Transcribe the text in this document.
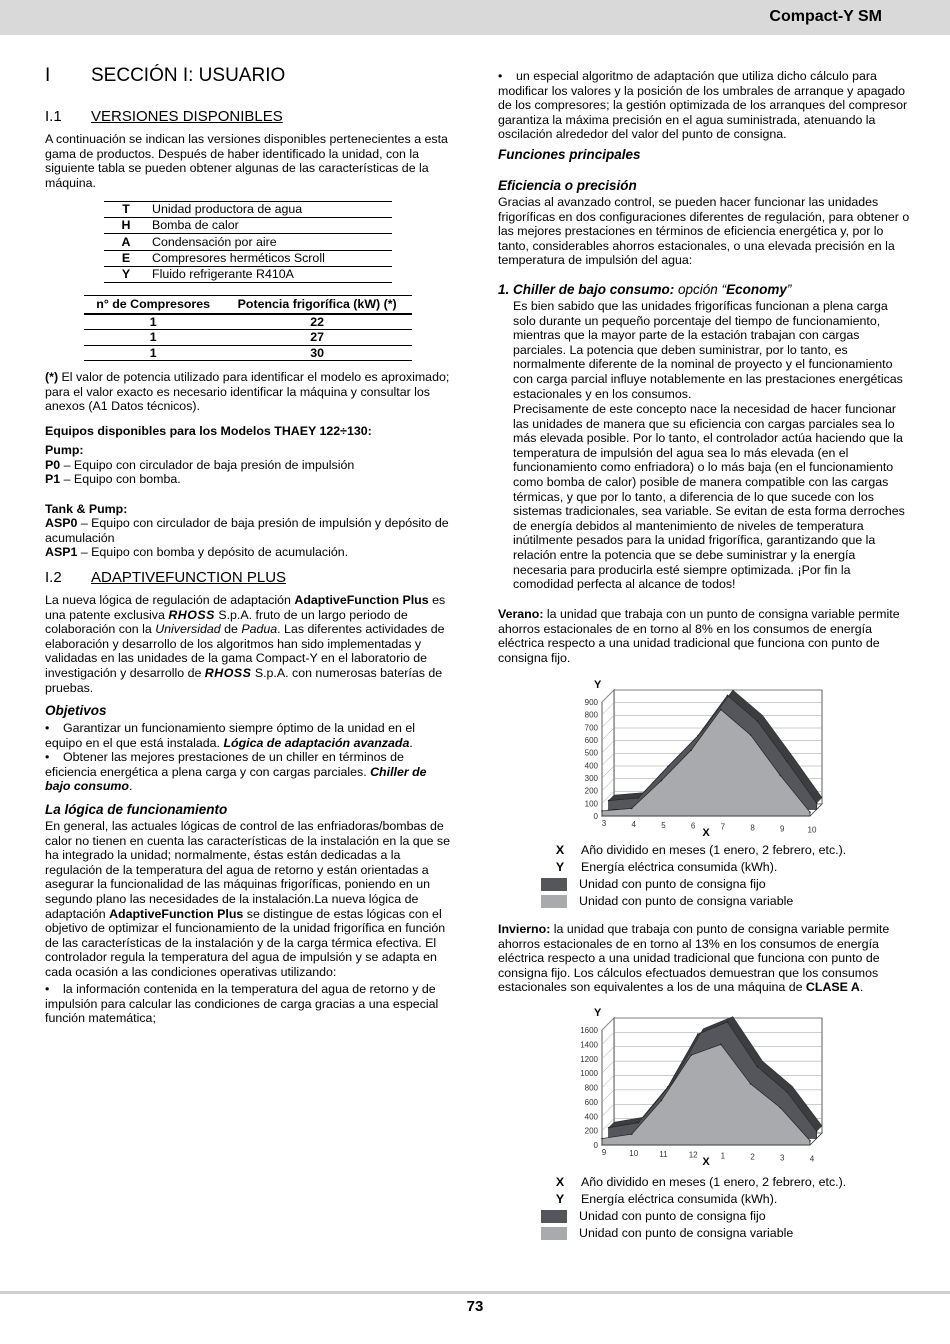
Compact-Y SM
I SECCIÓN I: USUARIO
I.1 VERSIONES DISPONIBLES

A continuación se indican las versiones disponibles pertenecientes a esta gama de productos. Después de haber identificado la unidad, con la siguiente tabla se pueden obtener algunas de las características de la máquina.

T	Unidad productora de agua
H	Bomba de calor
A	Condensación por aire
E	Compresores herméticos Scroll
Y	Fluido refrigerante R410A
n° de Compresores	Potencia frigorífica (kW) (*)
1	22
1	27
1	30

(*) El valor de potencia utilizado para identificar el modelo es aproximado; para el valor exacto es necesario identificar la máquina y consultar los anexos (A1 Datos técnicos).

Equipos disponibles para los Modelos THAEY 122÷130:

Pump:

P0 – Equipo con circulador de baja presión de impulsión

P1 – Equipo con bomba.

Tank & Pump:

ASP0 – Equipo con circulador de baja presión de impulsión y depósito de acumulación

ASP1 – Equipo con bomba y depósito de acumulación.

I.2 ADAPTIVEFUNCTION PLUS

La nueva lógica de regulación de adaptación AdaptiveFunction Plus es una patente exclusiva RHOSS S.p.A. fruto de un largo periodo de colaboración con la Universidad de Padua. Las diferentes actividades de elaboración y desarrollo de los algoritmos han sido implementadas y validadas en las unidades de la gama Compact-Y en el laboratorio de investigación y desarrollo de RHOSS S.p.A. con numerosas baterías de pruebas.

Objetivos

• Garantizar un funcionamiento siempre óptimo de la unidad en el equipo en el que está instalada. Lógica de adaptación avanzada.

• Obtener las mejores prestaciones de un chiller en términos de eficiencia energética a plena carga y con cargas parciales. Chiller de bajo consumo.

La lógica de funcionamiento

En general, las actuales lógicas de control de las enfriadoras/bombas de calor no tienen en cuenta las características de la instalación en la que se ha integrado la unidad; normalmente, éstas están dedicadas a la regulación de la temperatura del agua de retorno y están orientadas a asegurar la funcionalidad de las máquinas frigoríficas, poniendo en un segundo plano las necesidades de la instalación.La nueva lógica de adaptación AdaptiveFunction Plus se distingue de estas lógicas con el objetivo de optimizar el funcionamiento de la unidad frigorífica en función de las características de la instalación y de la carga térmica efectiva. El controlador regula la temperatura del agua de impulsión y se adapta en cada ocasión a las condiciones operativas utilizando:

• la información contenida en la temperatura del agua de retorno y de impulsión para calcular las condiciones de carga gracias a una especial función matemática;

• un especial algoritmo de adaptación que utiliza dicho cálculo para modificar los valores y la posición de los umbrales de arranque y apagado de los compresores; la gestión optimizada de los arranques del compresor garantiza la máxima precisión en el agua suministrada, atenuando la oscilación alrededor del valor del punto de consigna.

Funciones principales

Eficiencia o precisión

Gracias al avanzado control, se pueden hacer funcionar las unidades frigoríficas en dos configuraciones diferentes de regulación, para obtener o las mejores prestaciones en términos de eficiencia energética y, por lo tanto, considerables ahorros estacionales, o una elevada precisión en la temperatura de impulsión del agua:

1. Chiller de bajo consumo: opción “Economy”

Es bien sabido que las unidades frigoríficas funcionan a plena carga solo durante un pequeño porcentaje del tiempo de funcionamiento, mientras que la mayor parte de la estación trabajan con cargas parciales. La potencia que deben suministrar, por lo tanto, es normalmente diferente de la nominal de proyecto y el funcionamiento con carga parcial influye notablemente en las prestaciones energéticas estacionales y en los consumos.

Precisamente de este concepto nace la necesidad de hacer funcionar las unidades de manera que su eficiencia con cargas parciales sea lo más elevada posible. Por lo tanto, el controlador actúa haciendo que la temperatura de impulsión del agua sea lo más elevada (en el funcionamiento como enfriadora) o lo más baja (en el funcionamiento como bomba de calor) posible de manera compatible con las cargas térmicas, y que por lo tanto, a diferencia de lo que sucede con los sistemas tradicionales, sea variable. Se evitan de esta forma derroches de energía debidos al mantenimiento de niveles de temperatura inútilmente pesados para la unidad frigorífica, garantizando que la relación entre la potencia que se debe suministrar y la energía necesaria para producirla esté siempre optimizada. ¡Por fin la comodidad perfecta al alcance de todos!

Verano: la unidad que trabaja con un punto de consigna variable permite ahorros estacionales de en torno al 8% en los consumos de energía eléctrica respecto a una unidad tradicional que funciona con punto de consigna fijo.

0
100
200
300
400
500
600
700
800
900
3	4	5	6	7	8	9	10
Y
X
X	Año dividido en meses (1 enero, 2 febrero, etc.).
Y	Energía eléctrica consumida (kWh).
Unidad con punto de consigna fijo
Unidad con punto de consigna variable

Invierno: la unidad que trabaja con punto de consigna variable permite ahorros estacionales de en torno al 13% en los consumos de energía eléctrica respecto a una unidad tradicional que funciona con punto de consigna fijo. Los cálculos efectuados demuestran que los consumos estacionales son equivalentes a los de una máquina de CLASE A.

0
200
400
600
800
1000
1200
1400
1600
9	10	11	12	1	2	3	4
Y
X
X	Año dividido en meses (1 enero, 2 febrero, etc.).
Y	Energía eléctrica consumida (kWh).
Unidad con punto de consigna fijo
Unidad con punto de consigna variable
73
